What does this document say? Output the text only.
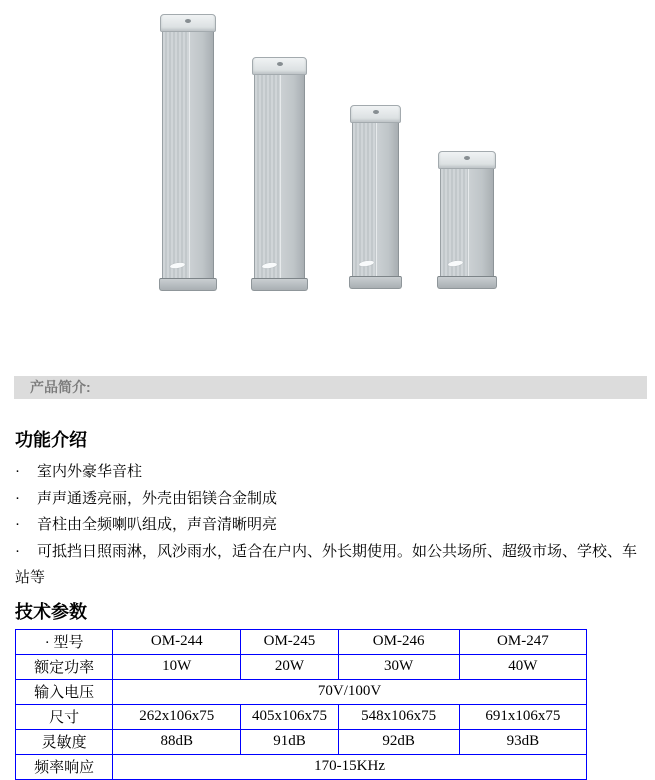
产品简介:
功能介绍
· 室内外豪华音柱
· 声声通透亮丽，外壳由铝镁合金制成
· 音柱由全频喇叭组成，声音清晰明亮
· 可抵挡日照雨淋，风沙雨水，适合在户内、外长期使用。如公共场所、超级市场、学校、车站等
技术参数
· 型号	OM-244	OM-245	OM-246	OM-247
额定功率	10W	20W	30W	40W
输入电压	70V/100V			
尺寸	262x106x75	405x106x75	548x106x75	691x106x75
灵敏度	88dB	91dB	92dB	93dB
频率响应	170-15KHz			
